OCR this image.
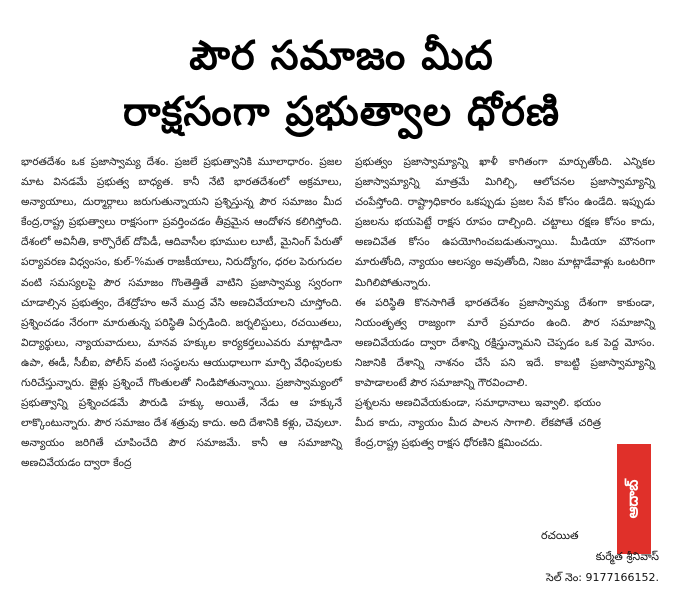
పౌర సమాజం మీద
రాక్షసంగా ప్రభుత్వాల ధోరణి

భారతదేశం ఒక ప్రజాస్వామ్య దేశం. ప్రజలే ప్రభుత్వానికి మూలాధారం. ప్రజల మాట వినడమే ప్రభుత్వ బాధ్యత. కానీ నేటి భారతదేశంలో అక్రమాలు, అన్యాయాలు, దుర్మార్గాలు జరుగుతున్నాయని ప్రశ్నిస్తున్న పౌర సమాజం మీద కేంద్ర,రాష్ట్ర ప్రభుత్వాలు రాక్షసంగా ప్రవర్తించడం తీవ్రమైన ఆందోళన కలిగిస్తోంది. దేశంలో అవినీతి, కార్పొరేట్ దోపిడీ, ఆదివాసీల భూముల లూటీ, మైనింగ్ పేరుతో పర్యావరణ విధ్వంసం, కుల్‌-%మత రాజకీయాలు, నిరుద్యోగం, ధరల పెరుగుదల వంటి సమస్యలపై పౌర సమాజం గొంతెత్తితే వాటిని ప్రజాస్వామ్య స్వరంగా చూడాల్సిన ప్రభుత్వం, దేశద్రోహం అనే ముద్ర వేసి అణచివేయాలని చూస్తోంది. ప్రశ్నించడం నేరంగా మారుతున్న పరిస్థితి ఏర్పడింది. జర్నలిస్టులు, రచయితలు, విద్యార్థులు, న్యాయవాదులు, మానవ హక్కుల కార్యకర్తలుఎవరు మాట్లాడినా ఉపా, ఈడీ, సీబీఐ, పోలీస్ వంటి సంస్థలను ఆయుధాలుగా మార్చి వేధింపులకు గురిచేస్తున్నారు. జైళ్లు ప్రశ్నించే గొంతులతో నిండిపోతున్నాయి. ప్రజాస్వామ్యంలో ప్రభుత్వాన్ని ప్రశ్నించడమే పౌరుడి హక్కు అయితే, నేడు ఆ హక్కునే లాక్కొంటున్నారు. పౌర సమాజం దేశ శత్రువు కాదు. అది దేశానికి కళ్లు, చెవులూ. అన్యాయం జరిగితే చూపించేది పౌర సమాజమే. కానీ ఆ సమాజాన్ని అణచివేయడం ద్వారా కేంద్ర

ప్రభుత్వం ప్రజాస్వామ్యాన్ని ఖాళీ కాగితంగా మార్చుతోంది. ఎన్నికల ప్రజాస్వామ్యాన్ని మాత్రమే మిగిల్చి, ఆలోచనల ప్రజాస్వామ్యాన్ని చంపేస్తోంది. రాష్ట్రాధికారం ఒకప్పుడు ప్రజల సేవ కోసం ఉండేది. ఇప్పుడు ప్రజలను భయపెట్టే రాక్షస రూపం దాల్చింది. చట్టాలు రక్షణ కోసం కాదు, అణచివేత కోసం ఉపయోగించబడుతున్నాయి. మీడియా మౌనంగా మారుతోంది, న్యాయం ఆలస్యం అవుతోంది, నిజం మాట్లాడేవాళ్లు ఒంటరిగా మిగిలిపోతున్నారు.

ఈ పరిస్థితి కొనసాగితే భారతదేశం ప్రజాస్వామ్య దేశంగా కాకుండా, నియంతృత్వ రాజ్యంగా మారే ప్రమాదం ఉంది. పౌర సమాజాన్ని అణచివేయడం ద్వారా దేశాన్ని రక్షిస్తున్నామని చెప్పడం ఒక పెద్ద మోసం. నిజానికి దేశాన్ని నాశనం చేసే పని ఇదే. కాబట్టి ప్రజాస్వామ్యాన్ని కాపాడాలంటే పౌర సమాజాన్ని గౌరవించాలి.

ప్రశ్నలను అణచివేయకుండా, సమాధానాలు ఇవ్వాలి. భయం మీద కాదు, న్యాయం మీద పాలన సాగాలి. లేకపోతే చరిత్ర కేంద్ర,రాష్ట్ర ప్రభుత్వ రాక్షస ధోరణిని క్షమించదు.

ఆదాబ్
రచయిత
కుర్మేత శ్రీనివాస్
సెల్ నెం: 9177166152.
